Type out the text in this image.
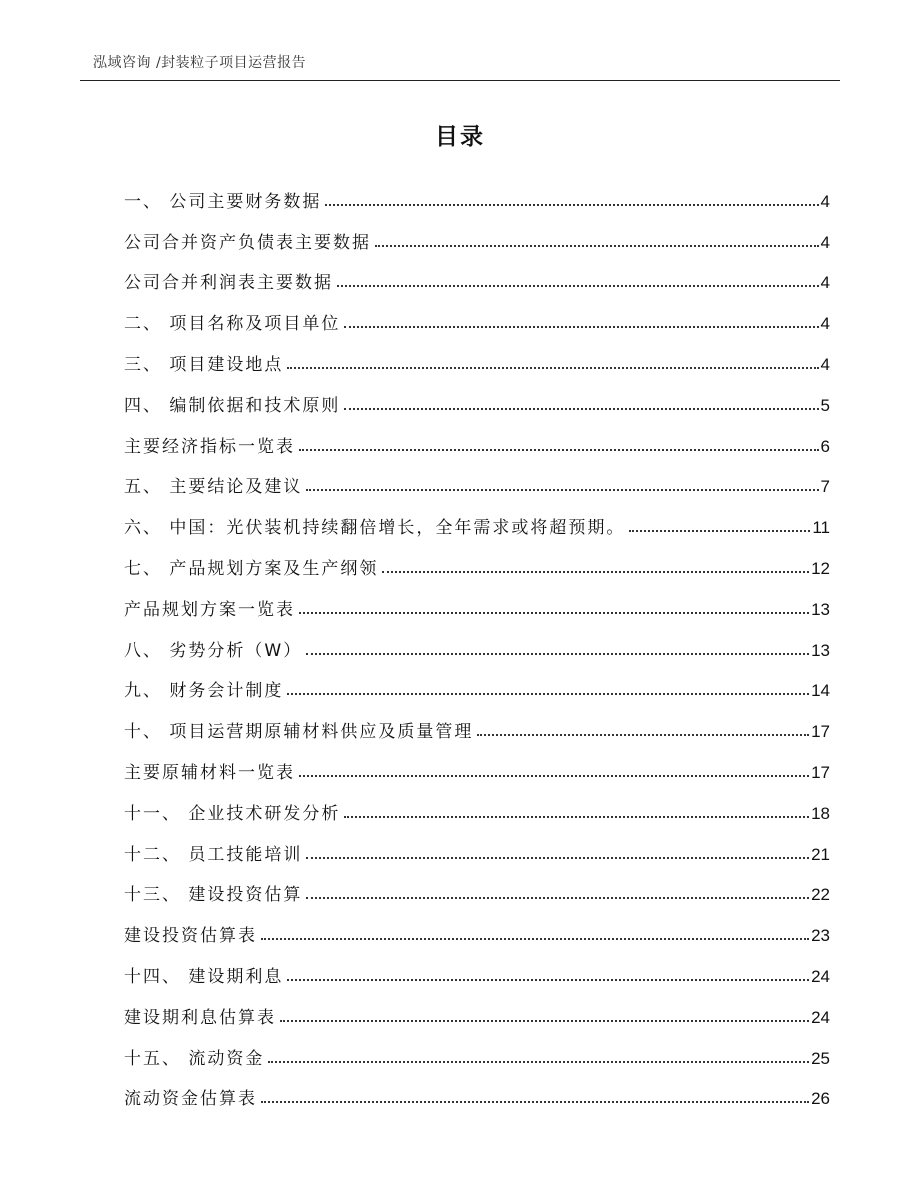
泓域咨询 /封装粒子项目运营报告
目录
一、 公司主要财务数据	4
公司合并资产负债表主要数据	4
公司合并利润表主要数据	4
二、 项目名称及项目单位	4
三、 项目建设地点	4
四、 编制依据和技术原则	5
主要经济指标一览表	6
五、 主要结论及建议	7
六、 中国：光伏装机持续翻倍增长，全年需求或将超预期。	11
七、 产品规划方案及生产纲领	12
产品规划方案一览表	13
八、 劣势分析（W）	13
九、 财务会计制度	14
十、 项目运营期原辅材料供应及质量管理	17
主要原辅材料一览表	17
十一、 企业技术研发分析	18
十二、 员工技能培训	21
十三、 建设投资估算	22
建设投资估算表	23
十四、 建设期利息	24
建设期利息估算表	24
十五、 流动资金	25
流动资金估算表	26
